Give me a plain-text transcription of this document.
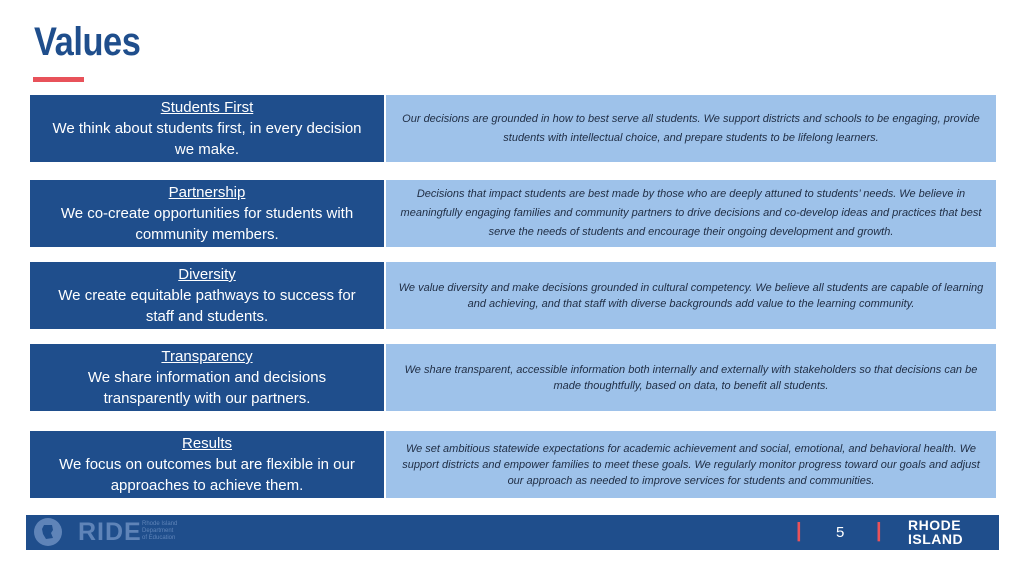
Values
Students First
We think about students first, in every decision
we make.
Our decisions are grounded in how to best serve all students. We support districts and schools to be engaging, provide students with intellectual choice, and prepare students to be lifelong learners.
Partnership
We co-create opportunities for students with
community members.
Decisions that impact students are best made by those who are deeply attuned to students’ needs. We believe in meaningfully engaging families and community partners to drive decisions and co-develop ideas and practices that best serve the needs of students and encourage their ongoing development and growth.
Diversity
We create equitable pathways to success for
staff and students.
We value diversity and make decisions grounded in cultural competency. We believe all students are capable of learning and achieving, and that staff with diverse backgrounds add value to the learning community.
Transparency
We share information and decisions
transparently with our partners.
We share transparent, accessible information both internally and externally with stakeholders so that decisions can be made thoughtfully, based on data, to benefit all students.
Results
We focus on outcomes but are flexible in our
approaches to achieve them.
We set ambitious statewide expectations for academic achievement and social, emotional, and behavioral health. We support districts and empower families to meet these goals. We regularly monitor progress toward our goals and adjust our approach as needed to improve services for students and communities.
RIDE Rhode Island
Department
of Education	| 5 | RHODE
ISLAND
